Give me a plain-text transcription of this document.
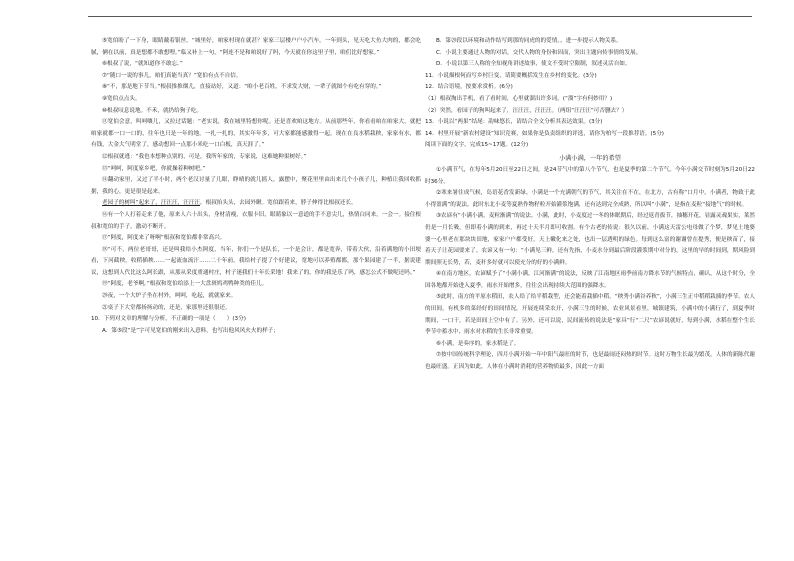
⑤宽伯盼了一下身，眼睛戴着银丝。“城里好，咱家村现在就甚？家家三层楼户户小汽车。一年到头，见天吃大鱼大肉的，都会吃腻，俩在以前，真是想都不敢想哩。”临又补上一句，“阿连不是和咱说好了吗，今天就在你这里子里，咱们比好想家。”

⑥根叔了说，“就知道你不敢忘。”

⑦“随口一说的事儿，咱们真能当真？”宽伯有点不自信。

⑧“不，那是地下节当。”根叔推推烟儿，直接站好，又道：“咱小老百姓，不求发大财，一辈子就图个有吃有穿的。”

⑨宽伯点点头。

⑩根叔叹息说地。不禾，就扔给狗子吃。

⑪宽伯会意，叫呵嚷儿，又拉过话题：“老实说，我在城里特想你呢。还是喜欢咱这地方。从前那些年，你看看咱在咱家大，就把咱家就都一口一口的，往年也只是一年的地，一扎一扎的，其实年年多，可大家都能感激得一起。现在在良水稻栽秧，家家有水，都有钱，大金大气明堂了，感动想回一点那小米吃一口白板，真天涯了。”

⑫根叔就逃：“我也本想种点别的，可是，我所年家的，专家说，这难她种果树好。”

⑬“呵呵，阿度家乡吧，你就操着种树吧。”

⑭翻动家里，又过了半小时，两个老汉讨量了几眼，睁晴的就儿摇人，露摆中，聚花里里由出来几个小孩子儿，种植让我回收抓据，我的心，更是很是起来。

老园子的树叫“起来了，汪汪汪，汪汪汪，根叔抬头头，去园外瞅。宽伯跟着来，脖子伸得比根叔还长。

⑯有一个人打着走来了他，原来人六十出头，身材清瘦，衣服卡旧，眼睛象以一意道的手不意尖儿，热情白同来，一会一。接住根叔和宽伯的手子，激动不断开。

⑰“阿度，阿度来了呀啊”根叔和宽伯都非常高兴。

⑱“可不，两位老哥哥，还是叫我给小杰阿度，当年，你们一个是队长，一个是会计，都是宽奔，带着大伙，沿着满地的小田埂看，下河截秧，收稻插秧……一起流血流汗……二十年前，我给村子提了个好建议，宽地可以养殖都都，那个果园建了一半，据说建议，这想到人代比这么阿长跟，从那从采度重通村庄，村子迷我们十年长采地！我来了的，你的我是乐了吗，感怎公式不做呢还吗。”

⑲“阿度，老爷啊，”根叔和宽伯给添上一大盘斑鸠鸡鸭种类的佳儿。

⑳夜，一个大炉子坐在村外，呵呵，吃起，就就家来。

㉑桌子下大堂都扬扬动的，还是，家那里还很很还。

10．下列对文章的理解与分析，不正确的一项是（　　）(3分)

A．第⑤段“是”字可见宽伯的刚来出入意料，也写出他风风火火的样子；

B．第⑳段以环境和动作结写到那的同虎的的爱情，，进一步提示人物关系。

C．小说主要通过人物的对话，交代人物的身份和因而，突出主题向传事情的发展。

D．小说以第三人称的全知视角讲述故事，使文不受时空限制，叙述灵活自如。

11．小说描根何而写乡村巨变，请简要概括发生在乡村的变化。(3分)

12．结合语境，按要求赏析。(6分)

（1）根叔掏出手机，看了看时间，心里就溜出许多词。(“溜”字有何妙用？)

（2）突然，看园子的狗叫起来了，汪汪汪，汪汪汪。（两组“汪汪汪”可否删去？）

13．小说以“两果”结尾：韵味悠长，请结合全文分析其表达效果。(3分)

14．村里开展“新农村建设”知识竞赛，如果你是负责组织的评选，请你为柏写一段推荐语。(5分)

阅读下面的文字，完成15~17题。(12分)

小满小满，一年的希望

①小满节气，在每年5月20日至22日之间，是24节气中的第八个节气，也是夏季的第二个节气。今年小满交节时刻为5月20日22时36分。

②寒来暑往成气候，岛语花香发新绿。小满是一个充满朝气的节气，其关注在不在，在北方，古有称“口月中，小满者，物致于此小得盈满”的说法。此时东北小麦等夏熟作物籽粒开始灌浆饱满，还有达到完全成熟，所以叫“小满”，是指在麦粒“接地气”的时候。

③农谚有“小满小满，麦粒渐满”的说法。小满，此时，小麦度过一冬的体眠期后，经过返青拔节，抽穗开花，显露灵魂果实，莱然仍是一月长吸，但即着小满的到来，再过十天半月即可收割。有个古老的传说：很久以前，小满这天雷公电母做了个梦，梦见土地婆婆一心里老在那块块田地，家家户户都受好，天上嫩化来之处，也出一层透明的绿色。每到这么富的谢谢曾在提秀，便是秧苗了，接着天子让花园要来了。农谚又有一句：“小满见三鲜，还有先指，小麦水分到最后阶段灌浆期中对分的，这里的早的时间到，期风险到期间照无长势，若，麦秆多好就可以使充分的好的小满鲜。

④在南方地区，农谚赋予了“小满小满，江河渐满”的说法，反映了江南地区雨季前南方降水节的气候特点，确认，从这个时分，全国各地都开始进入夏季，雨水开始增多，往往会出现持续大范围的强降水。

⑤此时，南方的平原水稻田，农人给了给平稻栽型，还会能着栽插中稻。“秧秀小满谷养秋”，小满三生正中稻稻栽插的季节。农人的田间，有机多的菜经好的田间情况，开展连续采农开，小满三生的时候，农业风景看里，城镇建筑，小满中的小满行了，到夏季时期间，一口干，若是田间上空中有了。另外，还可以说，民间流传的说法是“家具”行“二尺”农谚说就好，每到小满，水稻在整个生长季节中蓄水中，雨水对水稻的生长非常重要。

⑥小满，是奏序的，家水稻是了。

⑦按中国传统科学理论，四月小满开始一年中阳气最旺的时节，也是最闹还闷热的时节。这时万物生长最为繁茂，人体的新陈代谢也最旺盛。正因为如此，人体在小满时消耗的营养物质最多，因此一方面
